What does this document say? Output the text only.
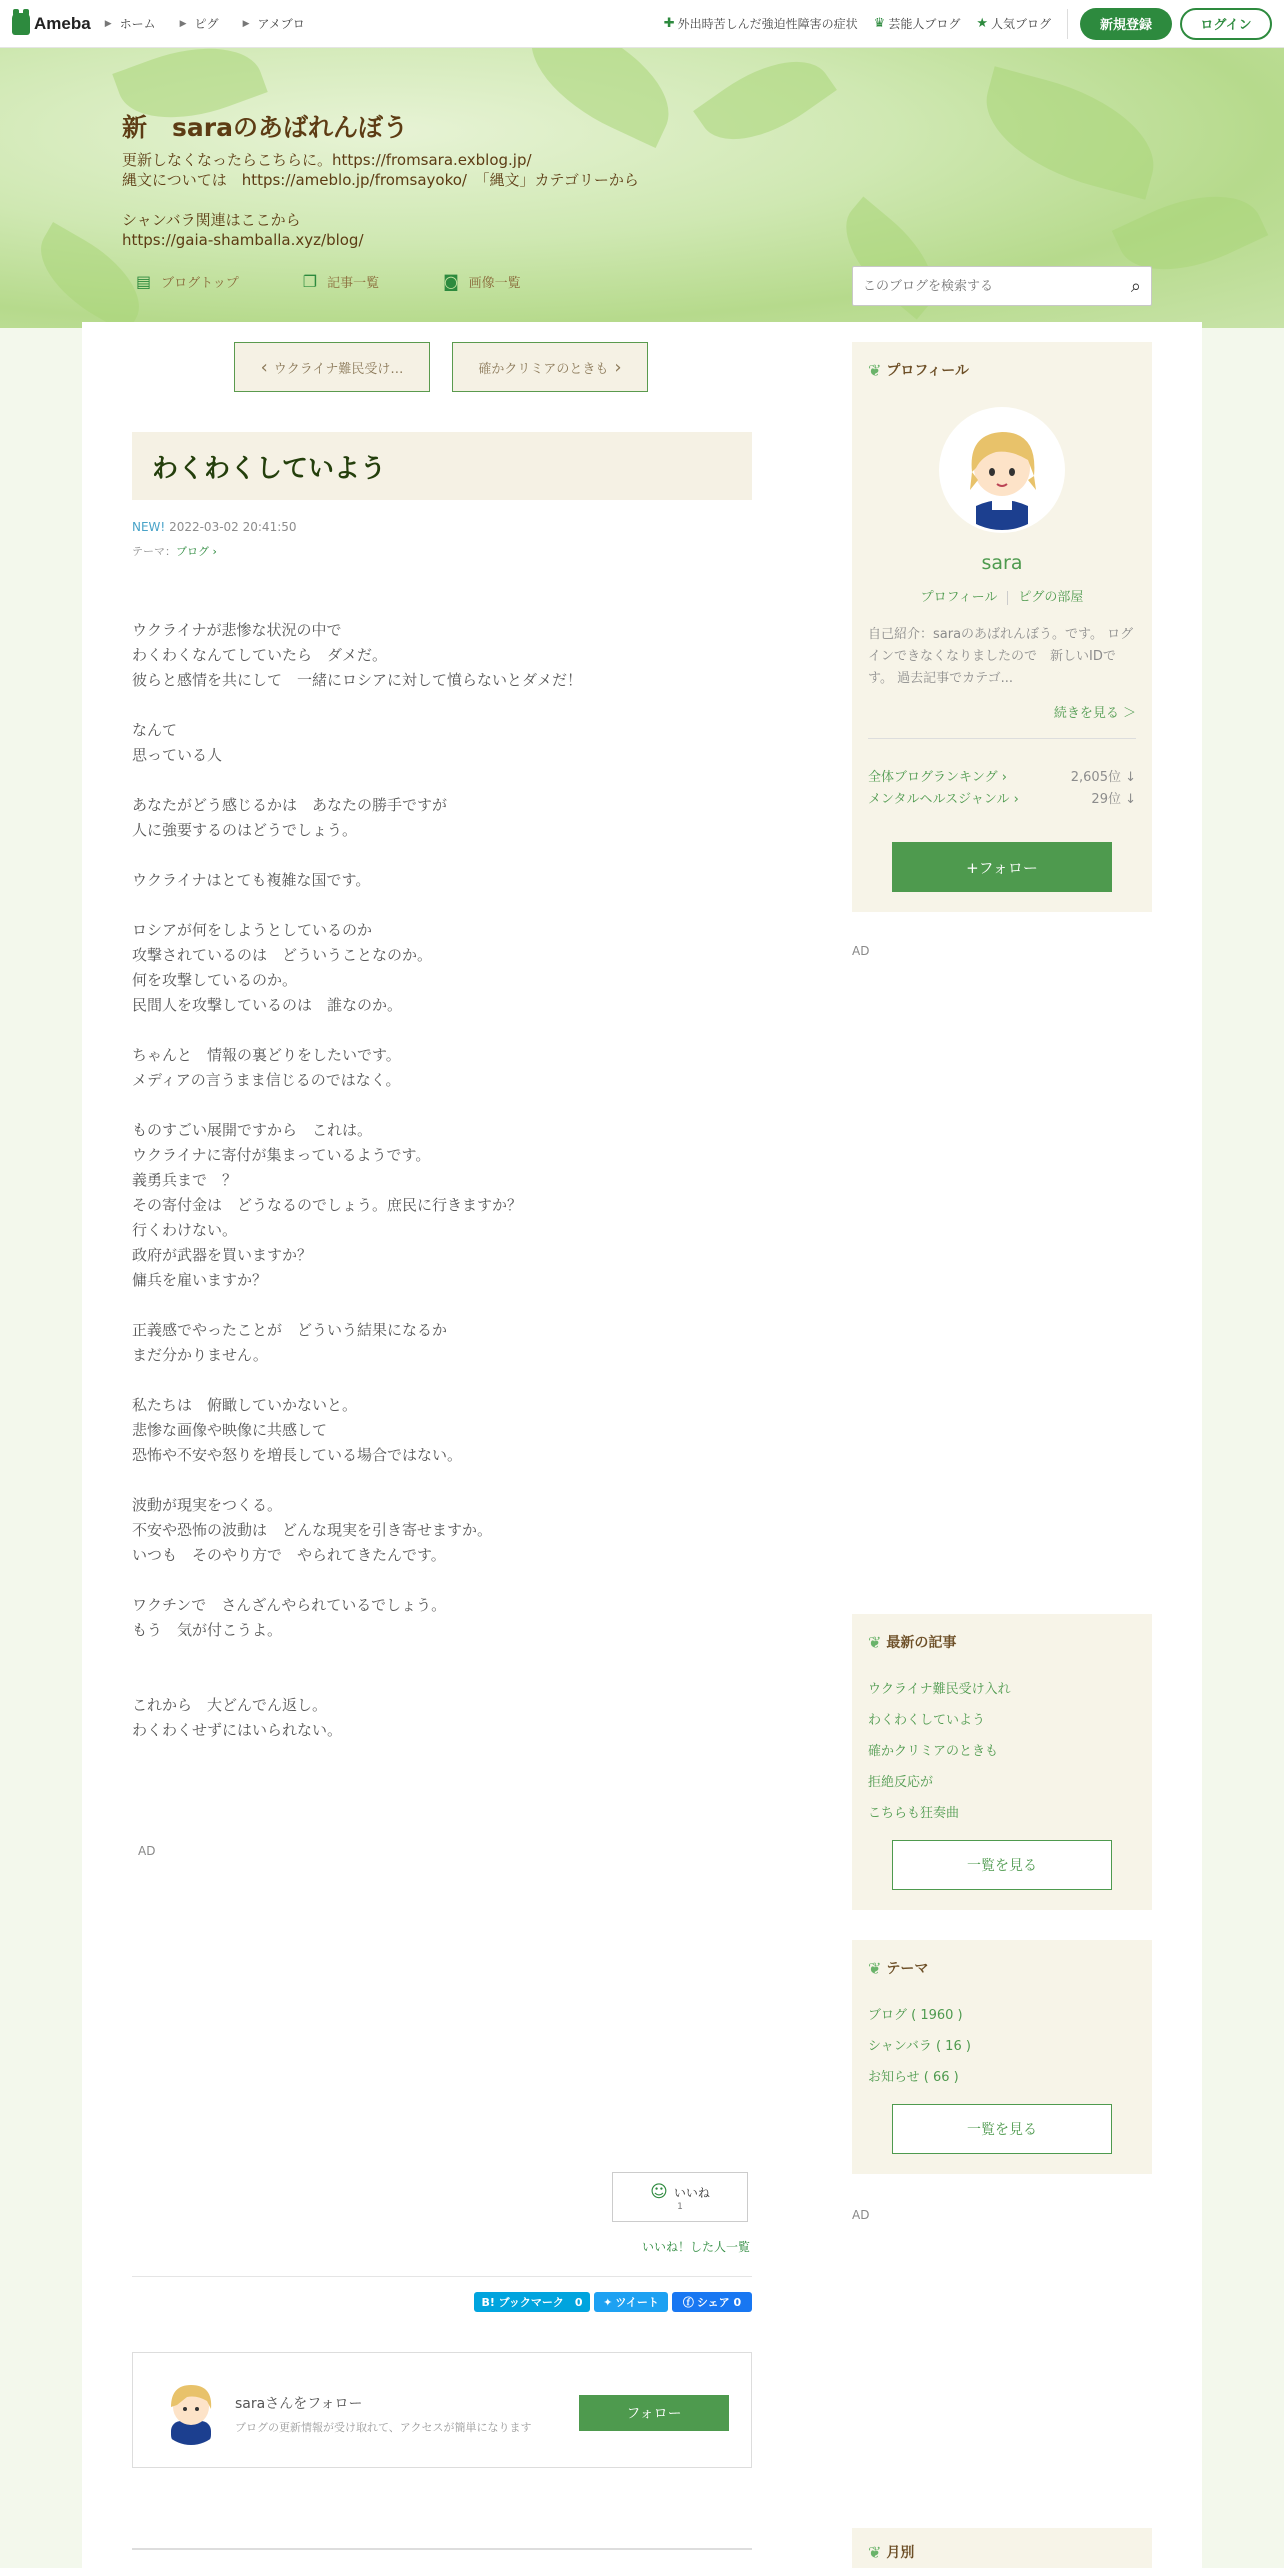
Ameba ▶ ホーム	▶ ピグ	▶ アメブロ	✚ 外出時苦しんだ強迫性障害の症状 ♛ 芸能人ブログ ★ 人気ブログ	新規登録	ログイン
新　saraのあばれんぼう
更新しなくなったらこちらに。https://fromsara.exblog.jp/
縄文については　https://ameblo.jp/fromsayoko/　「縄文」カテゴリーから
シャンバラ関連はここから
https://gaia-shamballa.xyz/blog/
▤ ブログトップ	❐ 記事一覧	◙ 画像一覧
このブログを検索する	⌕
‹ ウクライナ難民受け…	確かクリミアのときも ›
わくわくしていよう
NEW! 2022-03-02 20:41:50
テーマ：ブログ ›

ウクライナが悲惨な状況の中で

わくわくなんてしていたら　ダメだ。

彼らと感情を共にして　一緒にロシアに対して憤らないとダメだ！

なんて

思っている人

あなたがどう感じるかは　あなたの勝手ですが

人に強要するのはどうでしょう。

ウクライナはとても複雑な国です。

ロシアが何をしようとしているのか

攻撃されているのは　どういうことなのか。

何を攻撃しているのか。

民間人を攻撃しているのは　誰なのか。

ちゃんと　情報の裏どりをしたいです。

メディアの言うまま信じるのではなく。

ものすごい展開ですから　これは。

ウクライナに寄付が集まっているようです。

義勇兵まで　？

その寄付金は　どうなるのでしょう。庶民に行きますか？

行くわけない。

政府が武器を買いますか？

傭兵を雇いますか？

正義感でやったことが　どういう結果になるか

まだ分かりません。

私たちは　俯瞰していかないと。

悲惨な画像や映像に共感して

恐怖や不安や怒りを増長している場合ではない。

波動が現実をつくる。

不安や恐怖の波動は　どんな現実を引き寄せますか。

いつも　そのやり方で　やられてきたんです。

ワクチンで　さんざんやられているでしょう。

もう　気が付こうよ。

これから　大どんでん返し。

わくわくせずにはいられない。

AD
☺ いいね
1
いいね！した人一覧
B! ブックマーク　0	✦ ツイート ⓕ シェア 0
saraさんをフォロー
ブログの更新情報が受け取れて、アクセスが簡単になります
フォロー
❦ プロフィール
sara
プロフィール ピグの部屋
自己紹介：saraのあばれんぼう。です。 ログインできなくなりましたので　新しいIDです。 過去記事でカテゴ...
続きを見る ＞
全体ブログランキング ›	2,605位 ↓
メンタルヘルスジャンル ›	29位 ↓
+フォロー
AD
❦ 最新の記事
ウクライナ難民受け入れ
わくわくしていよう
確かクリミアのときも
拒絶反応が
こちらも狂奏曲
一覧を見る
❦ テーマ
ブログ ( 1960 )
シャンバラ ( 16 )
お知らせ ( 66 )
一覧を見る
AD
❦ 月別
